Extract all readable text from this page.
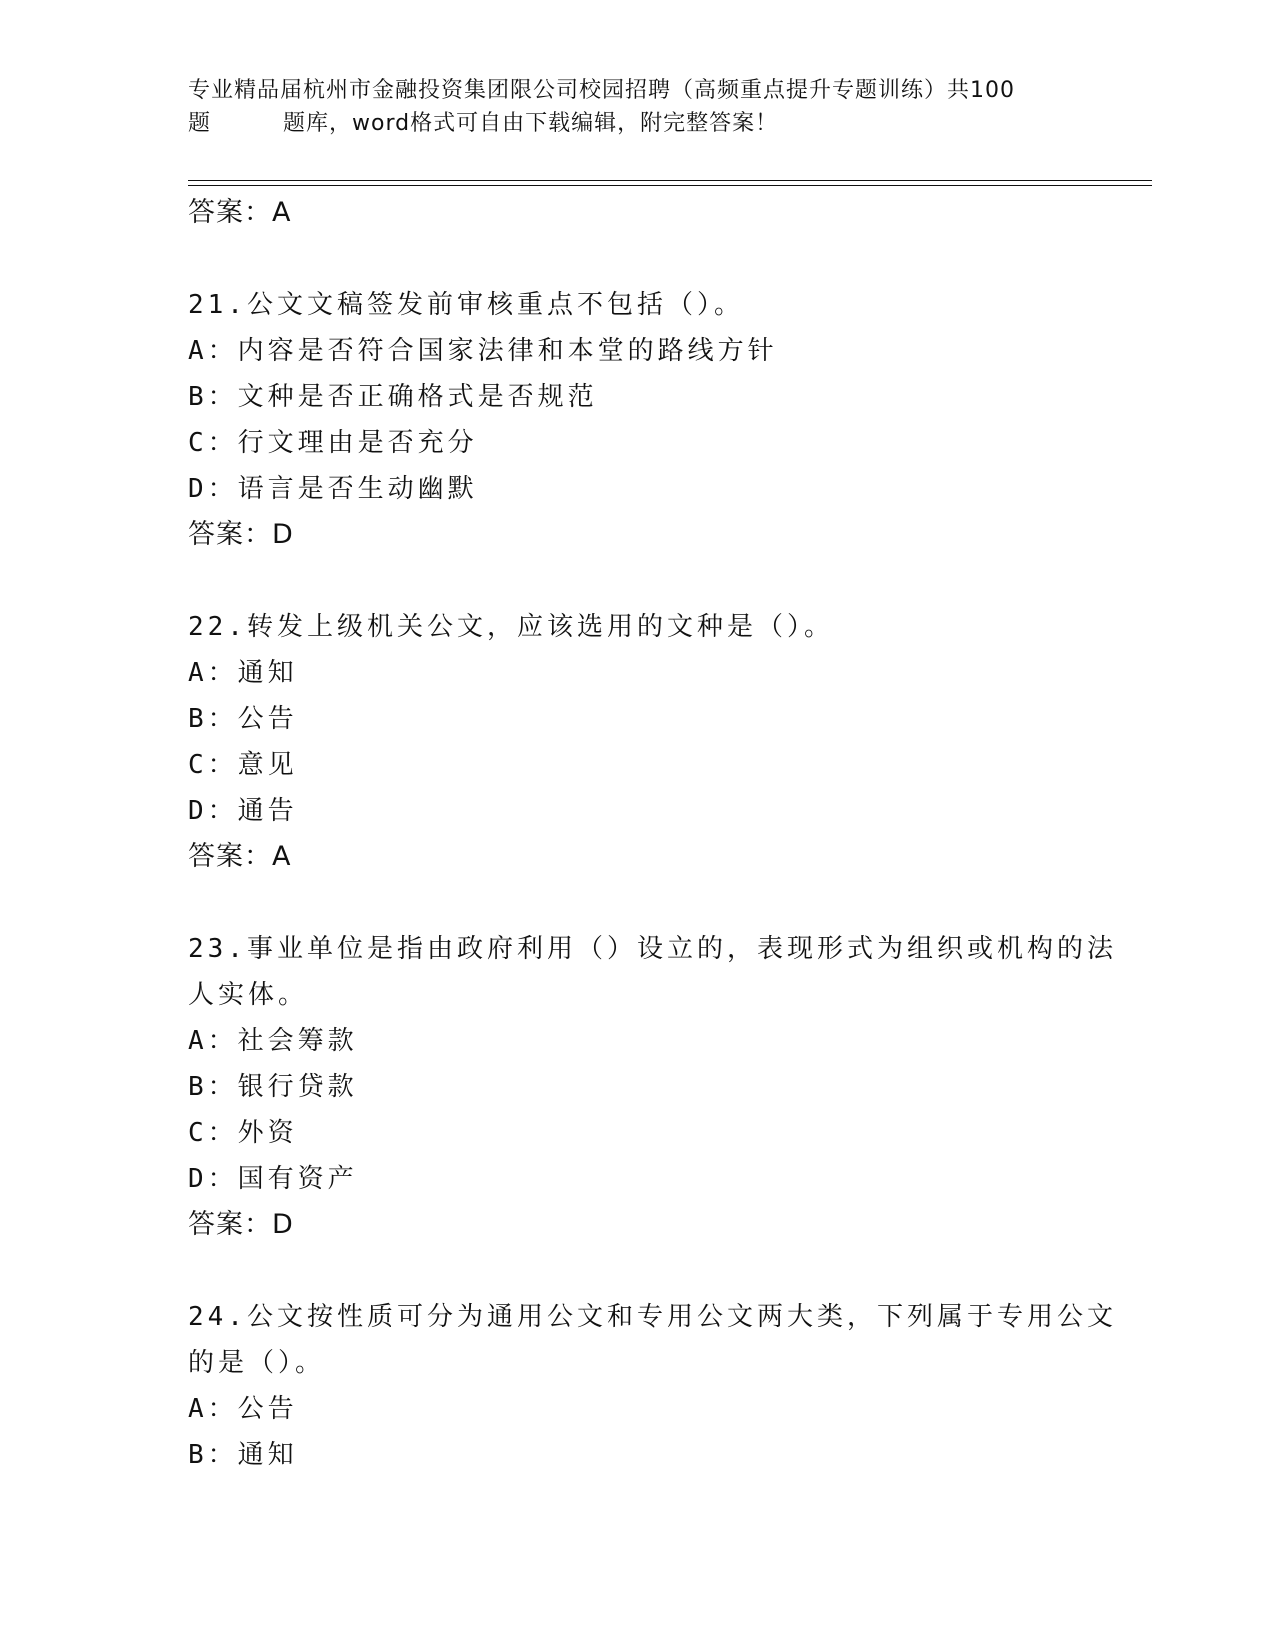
专业精品届杭州市金融投资集团限公司校园招聘（高频重点提升专题训练）共100
题	题库，word格式可自由下载编辑，附完整答案！
答案：A
21.公文文稿签发前审核重点不包括（）。
A：内容是否符合国家法律和本堂的路线方针
B：文种是否正确格式是否规范
C：行文理由是否充分
D：语言是否生动幽默
答案：D
22.转发上级机关公文，应该选用的文种是（）。
A：通知
B：公告
C：意见
D：通告
答案：A
23.事业单位是指由政府利用（）设立的，表现形式为组织或机构的法
人实体。
A：社会筹款
B：银行贷款
C：外资
D：国有资产
答案：D
24.公文按性质可分为通用公文和专用公文两大类，下列属于专用公文
的是（）。
A：公告
B：通知
